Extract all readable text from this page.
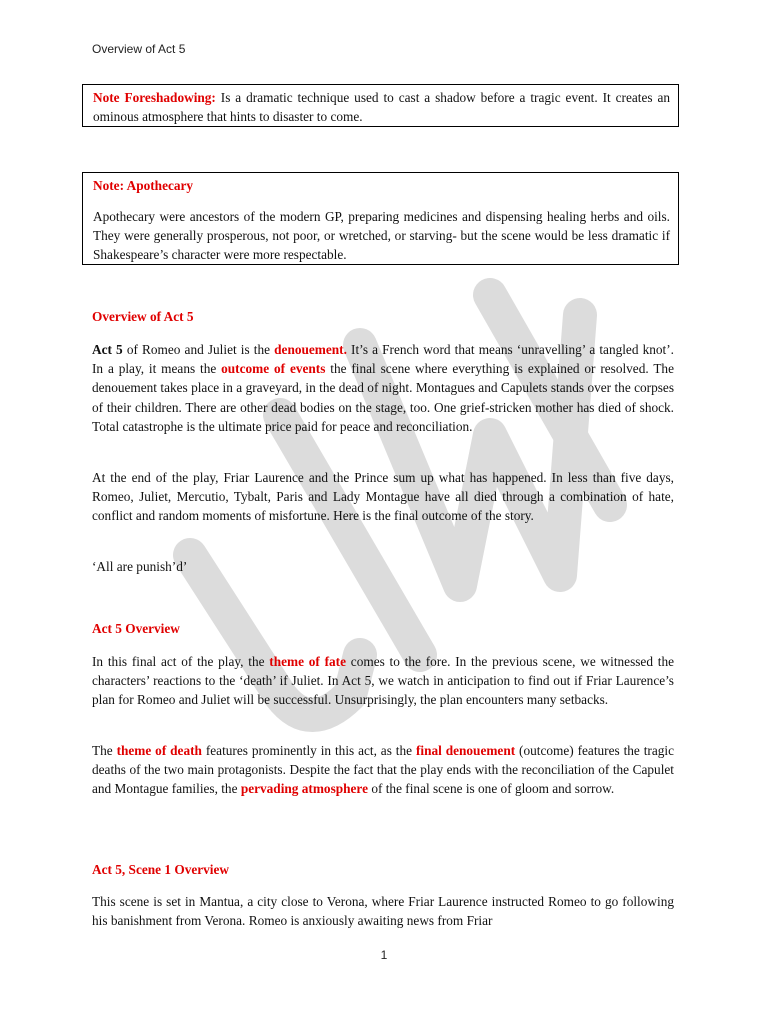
Overview of Act 5
Note Foreshadowing: Is a dramatic technique used to cast a shadow before a tragic event. It creates an ominous atmosphere that hints to disaster to come.
Note: Apothecary
Apothecary were ancestors of the modern GP, preparing medicines and dispensing healing herbs and oils. They were generally prosperous, not poor, or wretched, or starving- but the scene would be less dramatic if Shakespeare’s character were more respectable.
Overview of Act 5

Act 5 of Romeo and Juliet is the denouement. It’s a French word that means ‘unravelling’ a tangled knot’. In a play, it means the outcome of events the final scene where everything is explained or resolved. The denouement takes place in a graveyard, in the dead of night. Montagues and Capulets stands over the corpses of their children. There are other dead bodies on the stage, too. One grief-stricken mother has died of shock. Total catastrophe is the ultimate price paid for peace and reconciliation.

At the end of the play, Friar Laurence and the Prince sum up what has happened. In less than five days, Romeo, Juliet, Mercutio, Tybalt, Paris and Lady Montague have all died through a combination of hate, conflict and random moments of misfortune. Here is the final outcome of the story.
‘All are punish’d’
Act 5 Overview

In this final act of the play, the theme of fate comes to the fore. In the previous scene, we witnessed the characters’ reactions to the ‘death’ if Juliet. In Act 5, we watch in anticipation to find out if Friar Laurence’s plan for Romeo and Juliet will be successful. Unsurprisingly, the plan encounters many setbacks.

The theme of death features prominently in this act, as the final denouement (outcome) features the tragic deaths of the two main protagonists. Despite the fact that the play ends with the reconciliation of the Capulet and Montague families, the pervading atmosphere of the final scene is one of gloom and sorrow.

Act 5, Scene 1 Overview
This scene is set in Mantua, a city close to Verona, where Friar Laurence instructed Romeo to go following his banishment from Verona. Romeo is anxiously awaiting news from Friar
1
